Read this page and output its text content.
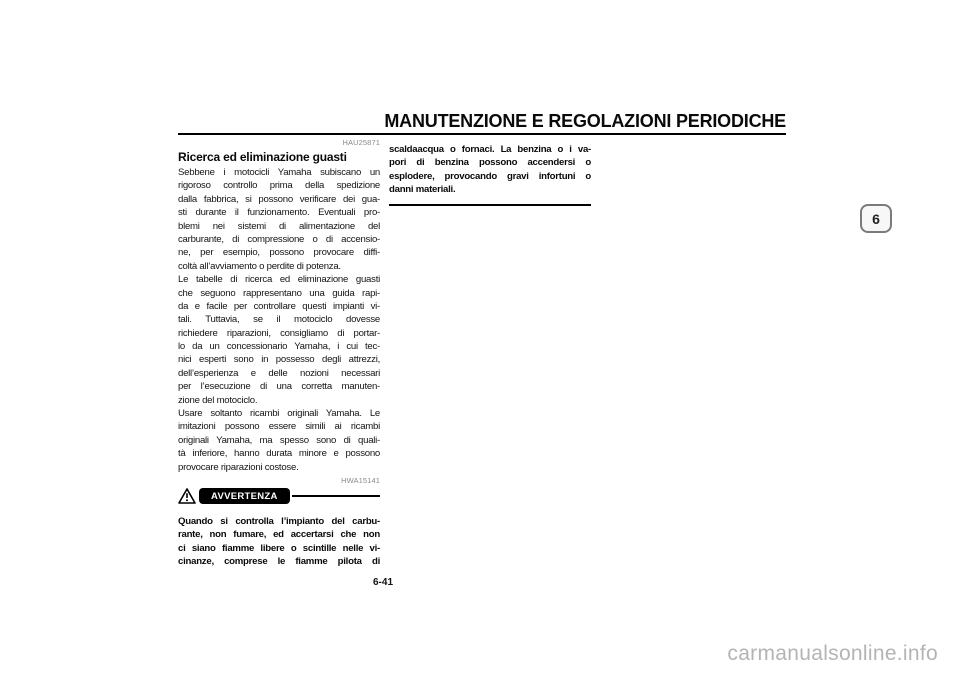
MANUTENZIONE E REGOLAZIONI PERIODICHE
HAU25871
Ricerca ed eliminazione guasti
Sebbene i motocicli Yamaha subiscano un
rigoroso controllo prima della spedizione
dalla fabbrica, si possono verificare dei gua-
sti durante il funzionamento. Eventuali pro-
blemi nei sistemi di alimentazione del
carburante, di compressione o di accensio-
ne, per esempio, possono provocare diffi-
coltà all’avviamento o perdite di potenza.
Le tabelle di ricerca ed eliminazione guasti
che seguono rappresentano una guida rapi-
da e facile per controllare questi impianti vi-
tali. Tuttavia, se il motociclo dovesse
richiedere riparazioni, consigliamo di portar-
lo da un concessionario Yamaha, i cui tec-
nici esperti sono in possesso degli attrezzi,
dell’esperienza e delle nozioni necessari
per l’esecuzione di una corretta manuten-
zione del motociclo.
Usare soltanto ricambi originali Yamaha. Le
imitazioni possono essere simili ai ricambi
originali Yamaha, ma spesso sono di quali-
tà inferiore, hanno durata minore e possono
provocare riparazioni costose.
HWA15141
AVVERTENZA
Quando si controlla l’impianto del carbu-
rante, non fumare, ed accertarsi che non
ci siano fiamme libere o scintille nelle vi-
cinanze, comprese le fiamme pilota di
scaldaacqua o fornaci. La benzina o i va-
pori di benzina possono accendersi o
esplodere, provocando gravi infortuni o
danni materiali.
6
6-41
carmanualsonline.info
